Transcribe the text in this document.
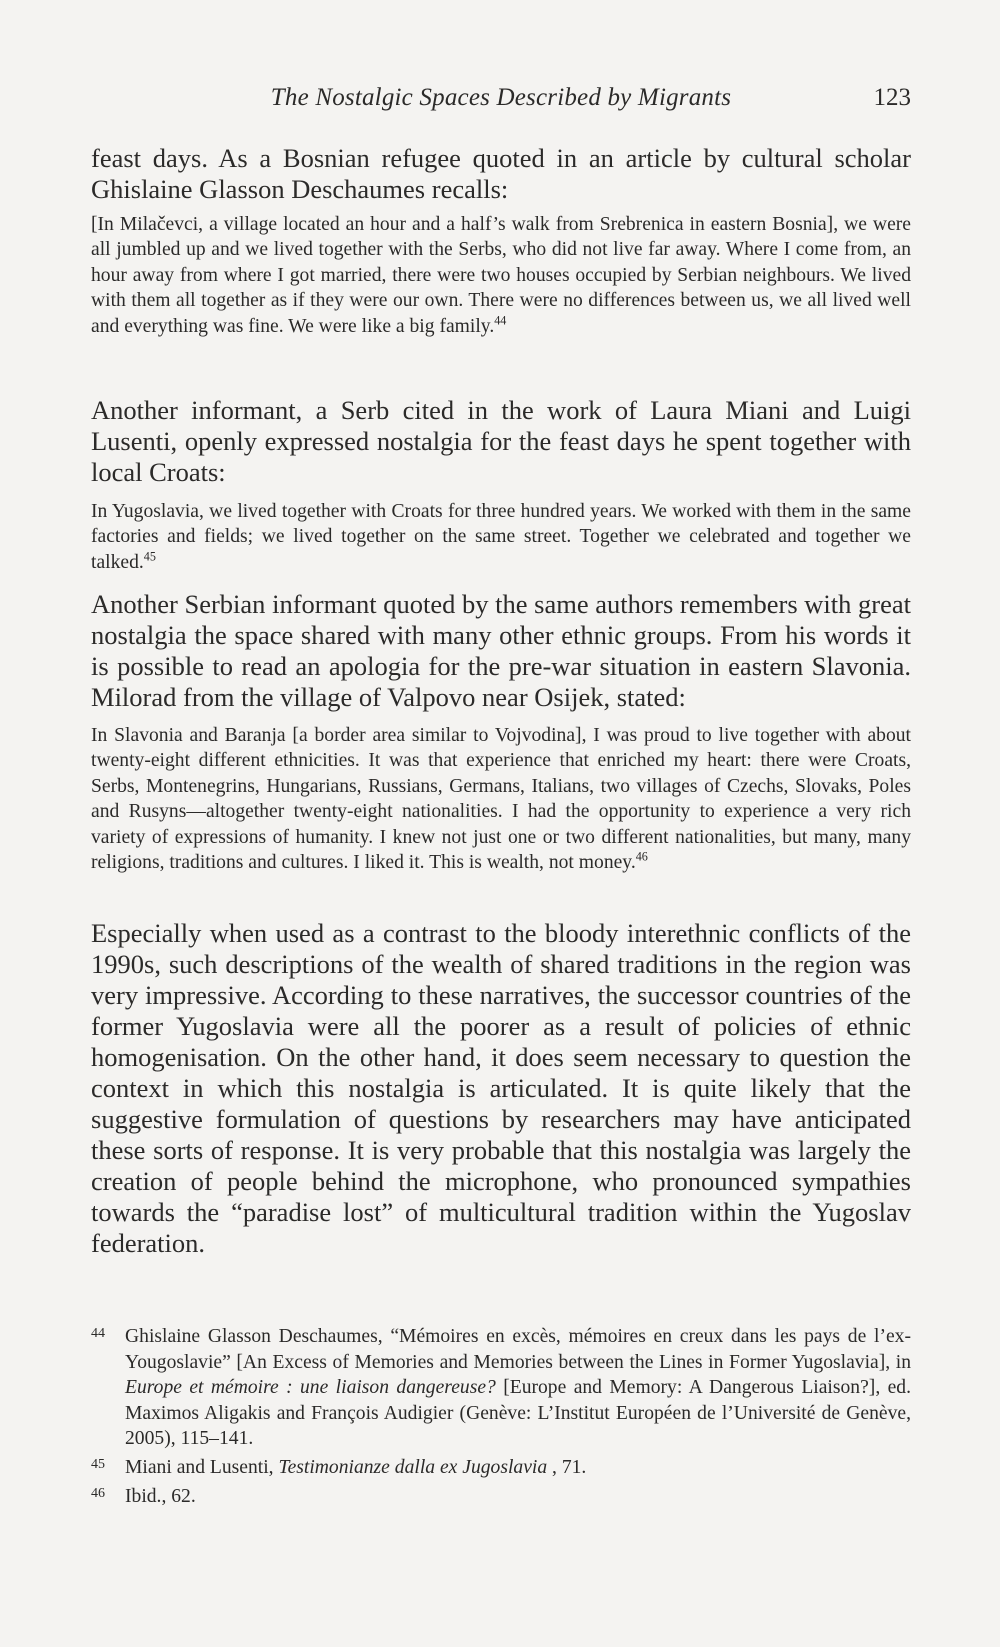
The Nostalgic Spaces Described by Migrants	123

feast days. As a Bosnian refugee quoted in an article by cultural scholar Ghislaine Glasson Deschaumes recalls:

[In Milačevci, a village located an hour and a half’s walk from Srebrenica in eastern Bosnia], we were all jumbled up and we lived together with the Serbs, who did not live far away. Where I come from, an hour away from where I got married, there were two houses occupied by Serbian neighbours. We lived with them all together as if they were our own. There were no differences between us, we all lived well and everything was fine. We were like a big family.$^{44}$

Another informant, a Serb cited in the work of Laura Miani and Luigi Lusenti, openly expressed nostalgia for the feast days he spent together with local Croats:

In Yugoslavia, we lived together with Croats for three hundred years. We worked with them in the same factories and fields; we lived together on the same street. Together we celebrated and together we talked.$^{45}$

Another Serbian informant quoted by the same authors remembers with great nostalgia the space shared with many other ethnic groups. From his words it is possible to read an apologia for the pre-war situation in eastern Slavonia. Milorad from the village of Valpovo near Osijek, stated:

In Slavonia and Baranja [a border area similar to Vojvodina], I was proud to live together with about twenty-eight different ethnicities. It was that experience that enriched my heart: there were Croats, Serbs, Montenegrins, Hungarians, Russians, Germans, Italians, two villages of Czechs, Slovaks, Poles and Rusyns—altogether twenty-eight nationalities. I had the opportunity to experience a very rich variety of expressions of humanity. I knew not just one or two different nationalities, but many, many religions, traditions and cultures. I liked it. This is wealth, not money.$^{46}$

Especially when used as a contrast to the bloody interethnic conflicts of the 1990s, such descriptions of the wealth of shared traditions in the region was very impressive. According to these narratives, the successor countries of the former Yugoslavia were all the poorer as a result of policies of ethnic homogenisation. On the other hand, it does seem necessary to question the context in which this nostalgia is articulated. It is quite likely that the suggestive formulation of questions by researchers may have anticipated these sorts of response. It is very probable that this nostalgia was largely the creation of people behind the microphone, who pronounced sympathies towards the “paradise lost” of multicultural tradition within the Yugoslav federation.

44	Ghislaine Glasson Deschaumes, “Mémoires en excès, mémoires en creux dans les pays de l’ex-Yougoslavie” [An Excess of Memories and Memories between the Lines in Former Yugoslavia], in Europe et mémoire : une liaison dangereuse? [Europe and Memory: A Dangerous Liaison?], ed. Maximos Aligakis and François Audigier (Genève: L’Institut Européen de l’Université de Genève, 2005), 115–141.
45	Miani and Lusenti, Testimonianze dalla ex Jugoslavia , 71.
46	Ibid., 62.
